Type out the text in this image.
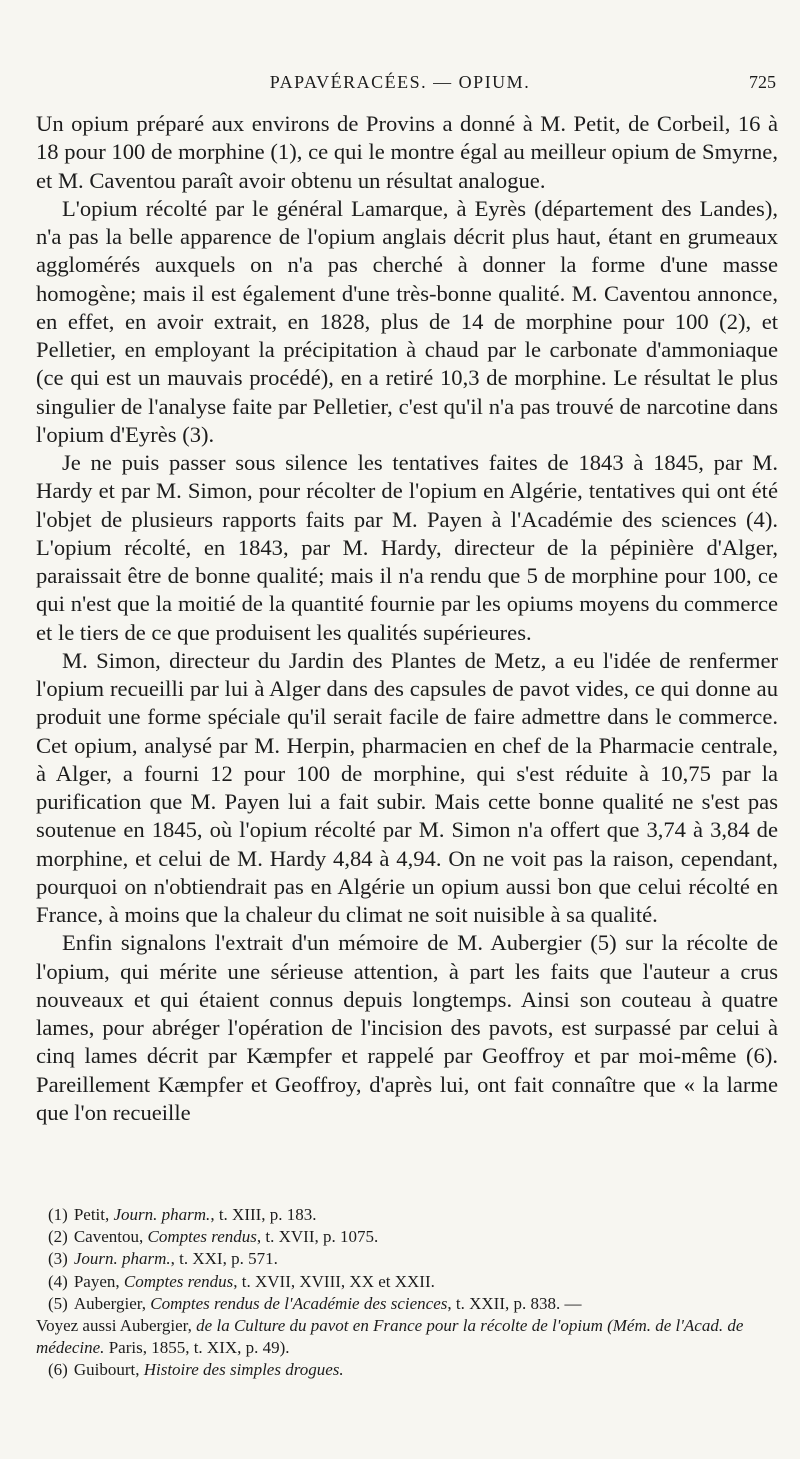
PAPAVÉRACÉES. — OPIUM.	725

Un opium préparé aux environs de Provins a donné à M. Petit, de Corbeil, 16 à 18 pour 100 de morphine (1), ce qui le montre égal au meilleur opium de Smyrne, et M. Caventou paraît avoir obtenu un résultat analogue.

L'opium récolté par le général Lamarque, à Eyrès (département des Landes), n'a pas la belle apparence de l'opium anglais décrit plus haut, étant en grumeaux agglomérés auxquels on n'a pas cherché à donner la forme d'une masse homogène; mais il est également d'une très-bonne qualité. M. Caventou annonce, en effet, en avoir extrait, en 1828, plus de 14 de morphine pour 100 (2), et Pelletier, en employant la précipitation à chaud par le carbonate d'ammoniaque (ce qui est un mauvais procédé), en a retiré 10,3 de morphine. Le résultat le plus singulier de l'analyse faite par Pelletier, c'est qu'il n'a pas trouvé de narcotine dans l'opium d'Eyrès (3).

Je ne puis passer sous silence les tentatives faites de 1843 à 1845, par M. Hardy et par M. Simon, pour récolter de l'opium en Algérie, tentatives qui ont été l'objet de plusieurs rapports faits par M. Payen à l'Académie des sciences (4). L'opium récolté, en 1843, par M. Hardy, directeur de la pépinière d'Alger, paraissait être de bonne qualité; mais il n'a rendu que 5 de morphine pour 100, ce qui n'est que la moitié de la quantité fournie par les opiums moyens du commerce et le tiers de ce que produisent les qualités supérieures.

M. Simon, directeur du Jardin des Plantes de Metz, a eu l'idée de renfermer l'opium recueilli par lui à Alger dans des capsules de pavot vides, ce qui donne au produit une forme spéciale qu'il serait facile de faire admettre dans le commerce. Cet opium, analysé par M. Herpin, pharmacien en chef de la Pharmacie centrale, à Alger, a fourni 12 pour 100 de morphine, qui s'est réduite à 10,75 par la purification que M. Payen lui a fait subir. Mais cette bonne qualité ne s'est pas soutenue en 1845, où l'opium récolté par M. Simon n'a offert que 3,74 à 3,84 de morphine, et celui de M. Hardy 4,84 à 4,94. On ne voit pas la raison, cependant, pourquoi on n'obtiendrait pas en Algérie un opium aussi bon que celui récolté en France, à moins que la chaleur du climat ne soit nuisible à sa qualité.

Enfin signalons l'extrait d'un mémoire de M. Aubergier (5) sur la récolte de l'opium, qui mérite une sérieuse attention, à part les faits que l'auteur a crus nouveaux et qui étaient connus depuis longtemps. Ainsi son couteau à quatre lames, pour abréger l'opération de l'incision des pavots, est surpassé par celui à cinq lames décrit par Kæmpfer et rappelé par Geoffroy et par moi-même (6). Pareillement Kæmpfer et Geoffroy, d'après lui, ont fait connaître que « la larme que l'on recueille

(1) Petit, Journ. pharm., t. XIII, p. 183.

(2) Caventou, Comptes rendus, t. XVII, p. 1075.

(3) Journ. pharm., t. XXI, p. 571.

(4) Payen, Comptes rendus, t. XVII, XVIII, XX et XXII.

(5) Aubergier, Comptes rendus de l'Académie des sciences, t. XXII, p. 838. —

Voyez aussi Aubergier, de la Culture du pavot en France pour la récolte de l'opium (Mém. de l'Acad. de médecine. Paris, 1855, t. XIX, p. 49).

(6) Guibourt, Histoire des simples drogues.
